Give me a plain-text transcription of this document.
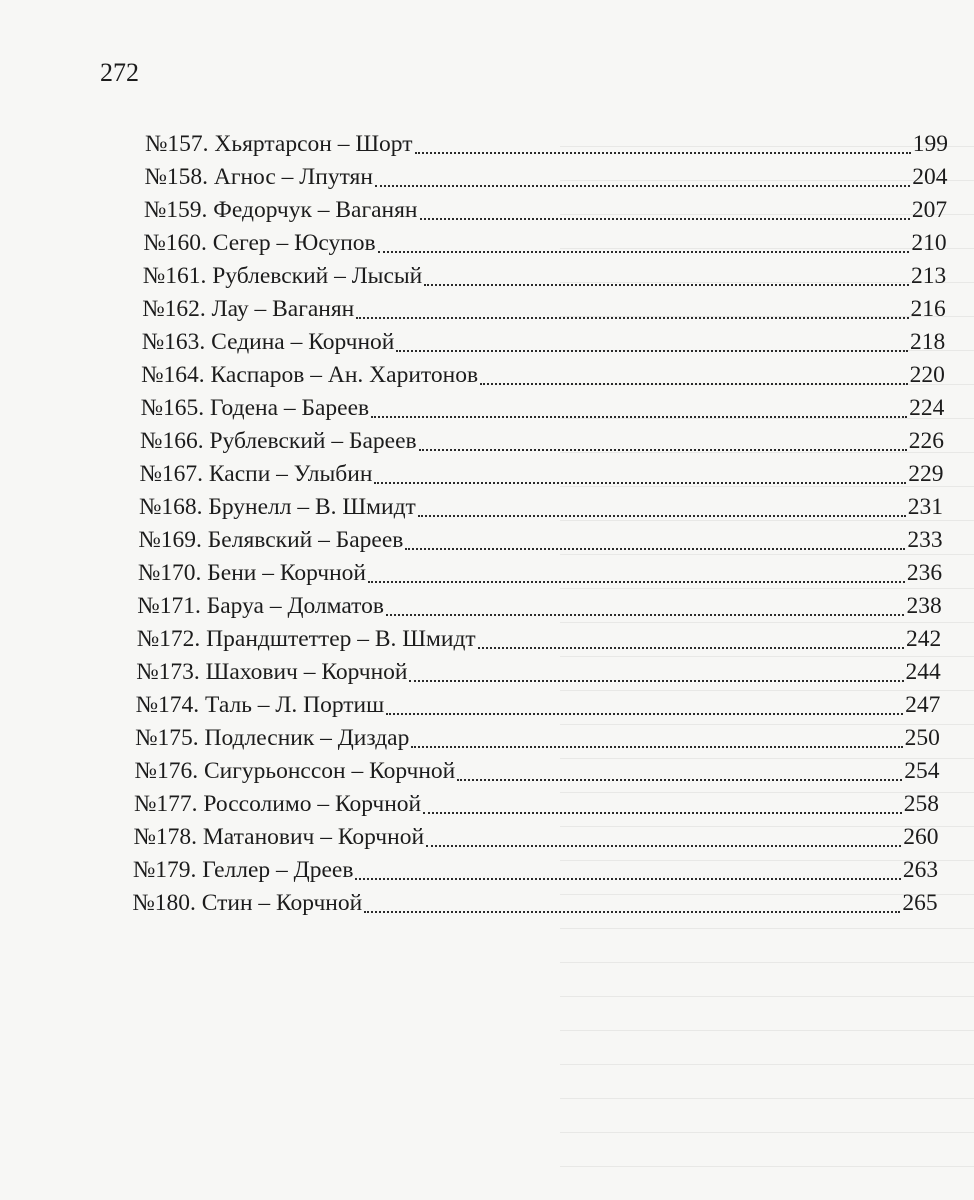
272
№157. Хьяртарсон – Шорт	199
№158. Агнос – Лпутян	204
№159. Федорчук – Ваганян	207
№160. Сегер – Юсупов	210
№161. Рублевский – Лысый	213
№162. Лау – Ваганян	216
№163. Седина – Корчной	218
№164. Каспаров – Ан. Харитонов	220
№165. Годена – Бареев	224
№166. Рублевский – Бареев	226
№167. Каспи – Улыбин	229
№168. Брунелл – В. Шмидт	231
№169. Белявский – Бареев	233
№170. Бени – Корчной	236
№171. Баруа – Долматов	238
№172. Прандштеттер – В. Шмидт	242
№173. Шахович – Корчной	244
№174. Таль – Л. Портиш	247
№175. Подлесник – Диздар	250
№176. Сигурьонссон – Корчной	254
№177. Россолимо – Корчной	258
№178. Матанович – Корчной	260
№179. Геллер – Дреев	263
№180. Стин – Корчной	265
